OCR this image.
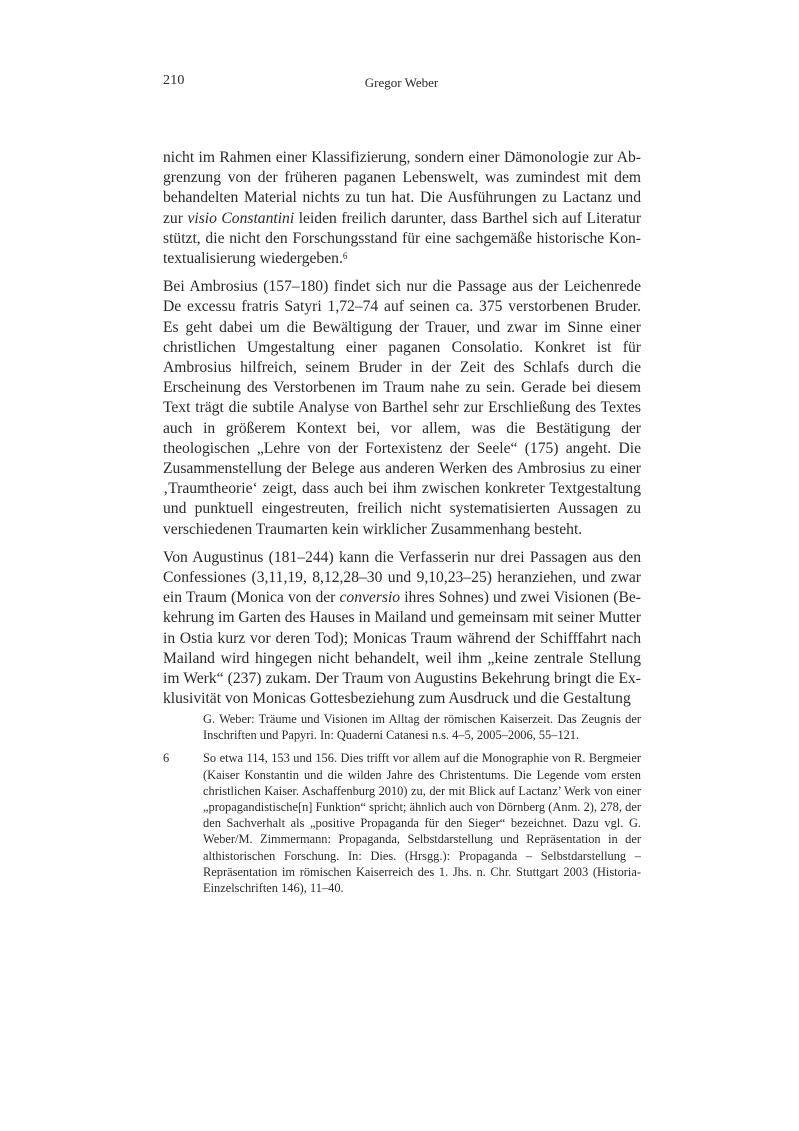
210	Gregor Weber

nicht im Rahmen einer Klassifizierung, sondern einer Dämonologie zur Abgrenzung von der früheren paganen Lebenswelt, was zumindest mit dem behandelten Material nichts zu tun hat. Die Ausführungen zu Lactanz und zur visio Constantini leiden freilich darunter, dass Barthel sich auf Literatur stützt, die nicht den Forschungsstand für eine sachgemäße historische Kontextualisierung wiedergeben.$^6$

Bei Ambrosius (157–180) findet sich nur die Passage aus der Leichenrede De excessu fratris Satyri 1,72–74 auf seinen ca. 375 verstorbenen Bruder. Es geht dabei um die Bewältigung der Trauer, und zwar im Sinne einer christlichen Umgestaltung einer paganen Consolatio. Konkret ist für Ambrosius hilfreich, seinem Bruder in der Zeit des Schlafs durch die Erscheinung des Verstorbenen im Traum nahe zu sein. Gerade bei diesem Text trägt die subtile Analyse von Barthel sehr zur Erschließung des Textes auch in größerem Kontext bei, vor allem, was die Bestätigung der theologischen „Lehre von der Fortexistenz der Seele“ (175) angeht. Die Zusammenstellung der Belege aus anderen Werken des Ambrosius zu einer ‚Traumtheorie‘ zeigt, dass auch bei ihm zwischen konkreter Textgestaltung und punktuell eingestreuten, freilich nicht systematisierten Aussagen zu verschiedenen Traumarten kein wirklicher Zusammenhang besteht.

Von Augustinus (181–244) kann die Verfasserin nur drei Passagen aus den Confessiones (3,11,19, 8,12,28–30 und 9,10,23–25) heranziehen, und zwar ein Traum (Monica von der conversio ihres Sohnes) und zwei Visionen (Bekehrung im Garten des Hauses in Mailand und gemeinsam mit seiner Mutter in Ostia kurz vor deren Tod); Monicas Traum während der Schifffahrt nach Mailand wird hingegen nicht behandelt, weil ihm „keine zentrale Stellung im Werk“ (237) zukam. Der Traum von Augustins Bekehrung bringt die Exklusivität von Monicas Gottesbeziehung zum Ausdruck und die Gestaltung

G. Weber: Träume und Visionen im Alltag der römischen Kaiserzeit. Das Zeugnis der Inschriften und Papyri. In: Quaderni Catanesi n.s. 4–5, 2005–2006, 55–121.
6	So etwa 114, 153 und 156. Dies trifft vor allem auf die Monographie von R. Bergmeier (Kaiser Konstantin und die wilden Jahre des Christentums. Die Legende vom ersten christlichen Kaiser. Aschaffenburg 2010) zu, der mit Blick auf Lactanz’ Werk von einer „propagandistische[n] Funktion“ spricht; ähnlich auch von Dörnberg (Anm. 2), 278, der den Sachverhalt als „positive Propaganda für den Sieger“ bezeichnet. Dazu vgl. G. Weber/M. Zimmermann: Propaganda, Selbstdarstellung und Repräsentation in der althistorischen Forschung. In: Dies. (Hrsgg.): Propaganda – Selbstdarstellung – Repräsentation im römischen Kaiserreich des 1. Jhs. n. Chr. Stuttgart 2003 (Historia-Einzelschriften 146), 11–40.
